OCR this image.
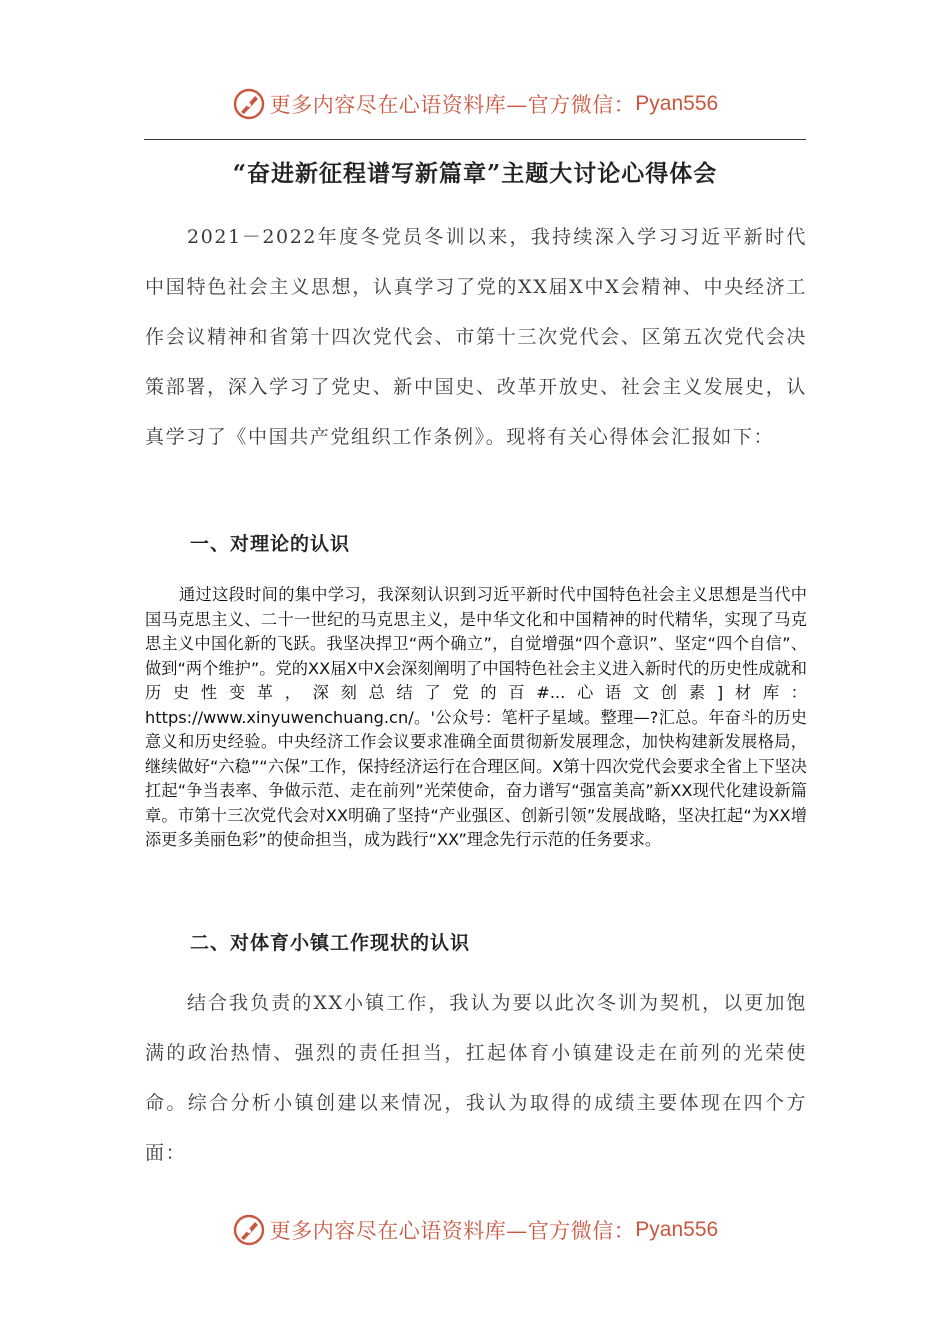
更多内容尽在心语资料库—官方微信： Pyan556
“奋进新征程谱写新篇章”主题大讨论心得体会

2021－2022年度冬党员冬训以来，我持续深入学习习近平新时代中国特色社会主义思想，认真学习了党的XX届X中X会精神、中央经济工作会议精神和省第十四次党代会、市第十三次党代会、区第五次党代会决策部署，深入学习了党史、新中国史、改革开放史、社会主义发展史，认真学习了《中国共产党组织工作条例》。现将有关心得体会汇报如下：

一、对理论的认识

通过这段时间的集中学习，我深刻认识到习近平新时代中国特色社会主义思想是当代中国马克思主义、二十一世纪的马克思主义，是中华文化和中国精神的时代精华，实现了马克思主义中国化新的飞跃。我坚决捍卫“两个确立”，自觉增强“四个意识”、坚定“四个自信”、做到“两个维护”。党的XX届X中X会深刻阐明了中国特色社会主义进入新时代的历史性成就和历史性变革，深刻总结了党的百#...心语文创素]材库：https://www.xinyuwenchuang.cn/。'公众号：笔杆子星域。整理—?汇总。年奋斗的历史意义和历史经验。中央经济工作会议要求准确全面贯彻新发展理念，加快构建新发展格局，继续做好“六稳”“六保”工作，保持经济运行在合理区间。X第十四次党代会要求全省上下坚决扛起“争当表率、争做示范、走在前列”光荣使命，奋力谱写“强富美高”新XX现代化建设新篇章。市第十三次党代会对XX明确了坚持“产业强区、创新引领”发展战略，坚决扛起“为XX增添更多美丽色彩”的使命担当，成为践行“XX”理念先行示范的任务要求。

二、对体育小镇工作现状的认识

结合我负责的XX小镇工作，我认为要以此次冬训为契机，以更加饱满的政治热情、强烈的责任担当，扛起体育小镇建设走在前列的光荣使命。综合分析小镇创建以来情况，我认为取得的成绩主要体现在四个方面：

更多内容尽在心语资料库—官方微信： Pyan556
